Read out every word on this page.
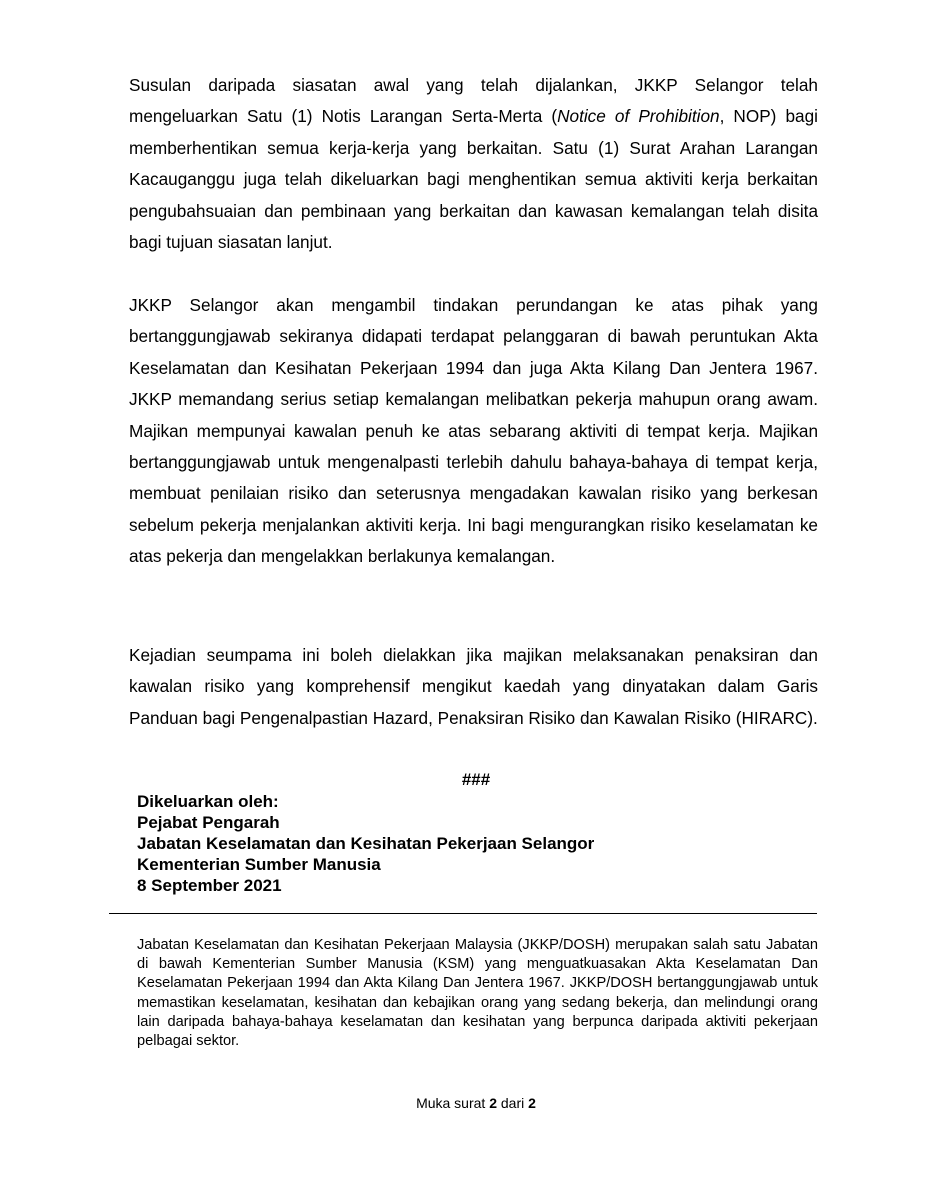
Susulan daripada siasatan awal yang telah dijalankan, JKKP Selangor telah mengeluarkan Satu (1) Notis Larangan Serta-Merta (Notice of Prohibition, NOP) bagi memberhentikan semua kerja-kerja yang berkaitan. Satu (1) Surat Arahan Larangan Kacauganggu juga telah dikeluarkan bagi menghentikan semua aktiviti kerja berkaitan pengubahsuaian dan pembinaan yang berkaitan dan kawasan kemalangan telah disita bagi tujuan siasatan lanjut.

JKKP Selangor akan mengambil tindakan perundangan ke atas pihak yang bertanggungjawab sekiranya didapati terdapat pelanggaran di bawah peruntukan Akta Keselamatan dan Kesihatan Pekerjaan 1994 dan juga Akta Kilang Dan Jentera 1967. JKKP memandang serius setiap kemalangan melibatkan pekerja mahupun orang awam. Majikan mempunyai kawalan penuh ke atas sebarang aktiviti di tempat kerja. Majikan bertanggungjawab untuk mengenalpasti terlebih dahulu bahaya-bahaya di tempat kerja, membuat penilaian risiko dan seterusnya mengadakan kawalan risiko yang berkesan sebelum pekerja menjalankan aktiviti kerja. Ini bagi mengurangkan risiko keselamatan ke atas pekerja dan mengelakkan berlakunya kemalangan.

Kejadian seumpama ini boleh dielakkan jika majikan melaksanakan penaksiran dan kawalan risiko yang komprehensif mengikut kaedah yang dinyatakan dalam Garis Panduan bagi Pengenalpastian Hazard, Penaksiran Risiko dan Kawalan Risiko (HIRARC).

###
Dikeluarkan oleh:
Pejabat Pengarah
Jabatan Keselamatan dan Kesihatan Pekerjaan Selangor
Kementerian Sumber Manusia
8 September 2021

Jabatan Keselamatan dan Kesihatan Pekerjaan Malaysia (JKKP/DOSH) merupakan salah satu Jabatan di bawah Kementerian Sumber Manusia (KSM) yang menguatkuasakan Akta Keselamatan Dan Keselamatan Pekerjaan 1994 dan Akta Kilang Dan Jentera 1967. JKKP/DOSH bertanggungjawab untuk memastikan keselamatan, kesihatan dan kebajikan orang yang sedang bekerja, dan melindungi orang lain daripada bahaya-bahaya keselamatan dan kesihatan yang berpunca daripada aktiviti pekerjaan pelbagai sektor.

Muka surat 2 dari 2
